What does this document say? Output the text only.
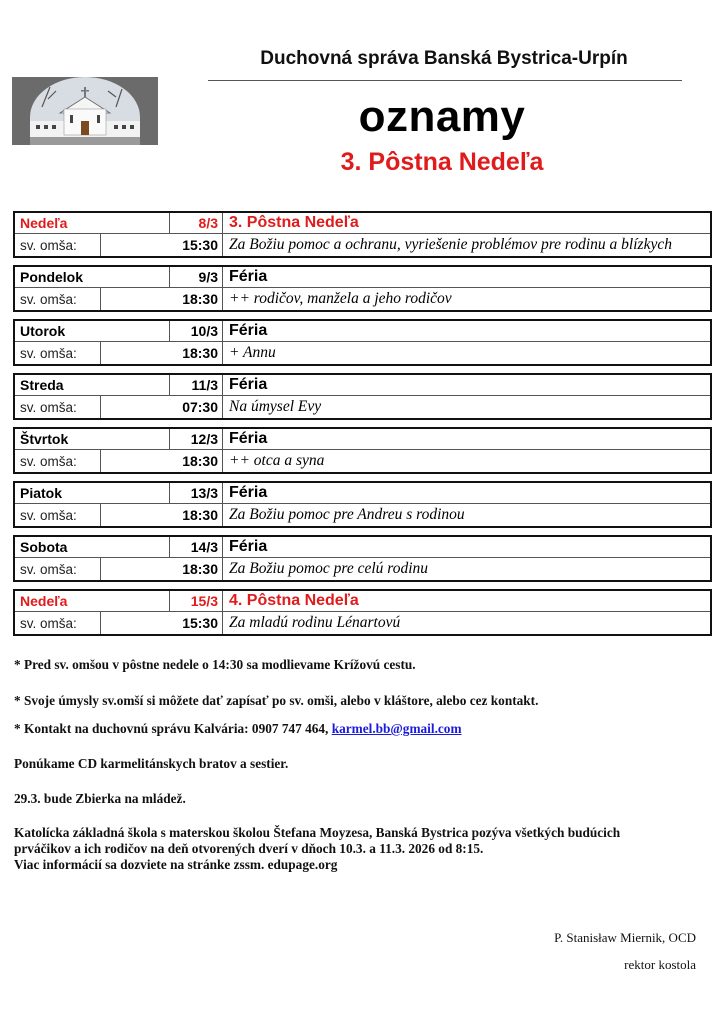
Duchovná správa Banská Bystrica-Urpín
oznamy
3. Pôstna Nedeľa
Nedeľa	8/3 3. Pôstna Nedeľa
sv. omša:	15:30 Za Božiu pomoc a ochranu, vyriešenie problémov pre rodinu a blízkych
Pondelok	9/3 Féria
sv. omša:	18:30 ++ rodičov, manžela a jeho rodičov
Utorok	10/3 Féria
sv. omša:	18:30 + Annu
Streda	11/3 Féria
sv. omša:	07:30 Na úmysel Evy
Štvrtok	12/3 Féria
sv. omša:	18:30 ++ otca a syna
Piatok	13/3 Féria
sv. omša:	18:30 Za Božiu pomoc pre Andreu s rodinou
Sobota	14/3 Féria
sv. omša:	18:30 Za Božiu pomoc pre celú rodinu
Nedeľa	15/3 4. Pôstna Nedeľa
sv. omša:	15:30 Za mladú rodinu Lénartovú
* Pred sv. omšou v pôstne nedele o 14:30 sa modlievame Krížovú cestu.
* Svoje úmysly sv.omší si môžete dať zapísať po sv. omši, alebo v kláštore, alebo cez kontakt.
* Kontakt na duchovnú správu Kalvária: 0907 747 464, karmel.bb@gmail.com
Ponúkame CD karmelitánskych bratov a sestier.
29.3. bude Zbierka na mládež.
Katolícka základná škola s materskou školou Štefana Moyzesa, Banská Bystrica pozýva všetkých budúcich
prváčikov a ich rodičov na deň otvorených dverí v dňoch 10.3. a 11.3. 2026 od 8:15.
Viac informácií sa dozviete na stránke zssm. edupage.org
P. Stanisław Miernik, OCD
rektor kostola
